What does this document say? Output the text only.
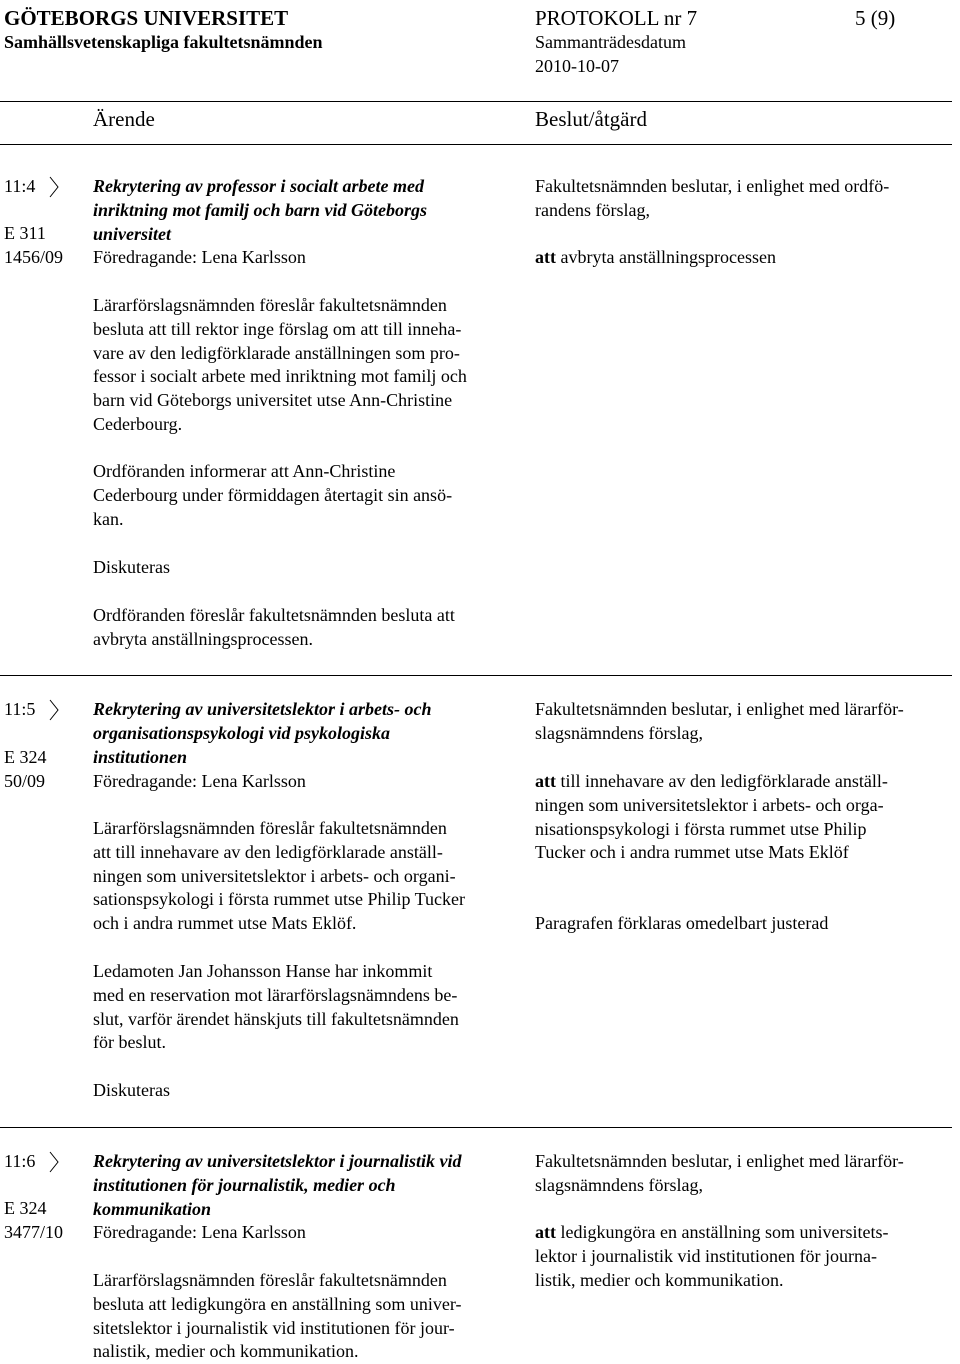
GÖTEBORGS UNIVERSITET
Samhällsvetenskapliga fakultetsnämnden
PROTOKOLL nr 7	5 (9)
Sammanträdesdatum
2010-10-07
Ärende	Beslut/åtgärd
11:4
E 311
1456/09
Rekrytering av professor i socialt arbete med
inriktning mot familj och barn vid Göteborgs
universitet
Föredragande: Lena Karlsson
Lärarförslagsnämnden föreslår fakultetsnämnden
besluta att till rektor inge förslag om att till inneha-
vare av den ledigförklarade anställningen som pro-
fessor i socialt arbete med inriktning mot familj och
barn vid Göteborgs universitet utse Ann-Christine
Cederbourg.
Ordföranden informerar att Ann-Christine
Cederbourg under förmiddagen återtagit sin ansö-
kan.
Diskuteras
Ordföranden föreslår fakultetsnämnden besluta att
avbryta anställningsprocessen.
Fakultetsnämnden beslutar, i enlighet med ordfö-
randens förslag,
att avbryta anställningsprocessen
11:5
E 324
50/09
Rekrytering av universitetslektor i arbets- och
organisationspsykologi vid psykologiska
institutionen
Föredragande: Lena Karlsson
Lärarförslagsnämnden föreslår fakultetsnämnden
att till innehavare av den ledigförklarade anställ-
ningen som universitetslektor i arbets- och organi-
sationspsykologi i första rummet utse Philip Tucker
och i andra rummet utse Mats Eklöf.
Ledamoten Jan Johansson Hanse har inkommit
med en reservation mot lärarförslagsnämndens be-
slut, varför ärendet hänskjuts till fakultetsnämnden
för beslut.
Diskuteras
Fakultetsnämnden beslutar, i enlighet med lärarför-
slagsnämndens förslag,
att till innehavare av den ledigförklarade anställ-
ningen som universitetslektor i arbets- och orga-
nisationspsykologi i första rummet utse Philip
Tucker och i andra rummet utse Mats Eklöf
Paragrafen förklaras omedelbart justerad
11:6
E 324
3477/10
Rekrytering av universitetslektor i journalistik vid
institutionen för journalistik, medier och
kommunikation
Föredragande: Lena Karlsson
Lärarförslagsnämnden föreslår fakultetsnämnden
besluta att ledigkungöra en anställning som univer-
sitetslektor i journalistik vid institutionen för jour-
nalistik, medier och kommunikation.
Fakultetsnämnden beslutar, i enlighet med lärarför-
slagsnämndens förslag,
att ledigkungöra en anställning som universitets-
lektor i journalistik vid institutionen för journa-
listik, medier och kommunikation.
